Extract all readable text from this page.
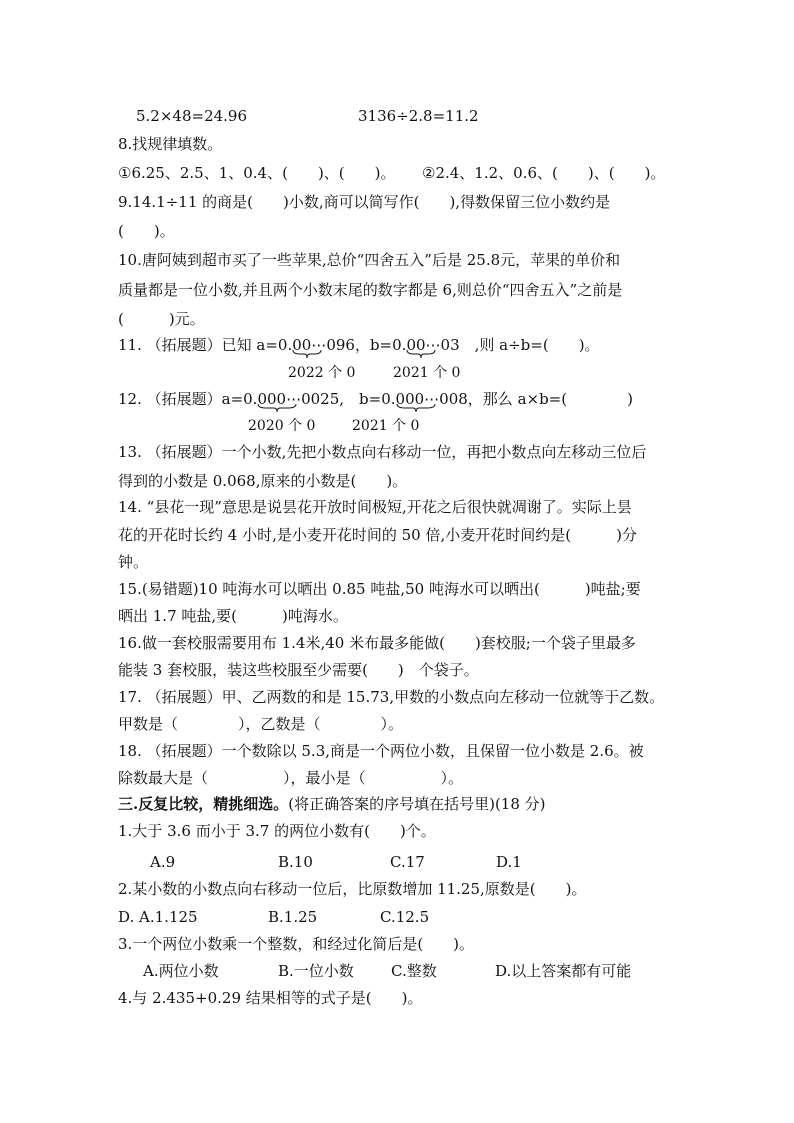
5.2×48=24.96	3136÷2.8=11.2
8.找规律填数。
①6.25、2.5、1、0.4、(　　)、(　　)。 ②2.4、1.2、0.6、(　　)、(　　)。
9.14.1÷11 的商是(　　)小数,商可以简写作(　　),得数保留三位小数约是
(　　)。
10.唐阿姨到超市买了一些苹果,总价“四舍五入”后是 25.8元，苹果的单价和
质量都是一位小数,并且两个小数末尾的数字都是 6,则总价“四舍五入”之前是
(　　　)元。
11. （拓展题）已知 a=0.00⋯
096，b=0.00⋯
03　,则 a÷b=(　　)。
2022 个 0	2021 个 0
12. （拓展题）a=0.000⋯
0025,　b=0.000⋯
008，那么 a×b=(　　　　)
2020 个 0	2021 个 0
13. （拓展题）一个小数,先把小数点向右移动一位，再把小数点向左移动三位后
得到的小数是 0.068,原来的小数是(　　)。
14. “县花一现”意思是说昙花开放时间极短,开花之后很快就凋谢了。实际上昙
花的开花时长约 4 小时,是小麦开花时间的 50 倍,小麦开花时间约是(　　　)分
钟。
15.(易错题)10 吨海水可以晒出 0.85 吨盐,50 吨海水可以晒出(　　　)吨盐;要
晒出 1.7 吨盐,要(　　　)吨海水。
16.做一套校服需要用布 1.4米,40 米布最多能做(　　)套校服;一个袋子里最多
能装 3 套校服，装这些校服至少需要(　　)　个袋子。
17. （拓展题）甲、乙两数的和是 15.73,甲数的小数点向左移动一位就等于乙数。
甲数是（　　　　），乙数是（　　　　）。
18. （拓展题）一个数除以 5.3,商是一个两位小数，且保留一位小数是 2.6。被
除数最大是（　　　　　），最小是（　　　　　）。
三.反复比较，精挑细选。(将正确答案的序号填在括号里)(18 分)
1.大于 3.6 而小于 3.7 的两位小数有(　　)个。
A.9	B.10	C.17	D.1
2.某小数的小数点向右移动一位后，比原数增加 11.25,原数是(　　)。
D. A.1.125	B.1.25	C.12.5
3.一个两位小数乘一个整数，和经过化简后是(　　)。
A.两位小数	B.一位小数 C.整数	D.以上答案都有可能
4.与 2.435+0.29 结果相等的式子是(　　)。
